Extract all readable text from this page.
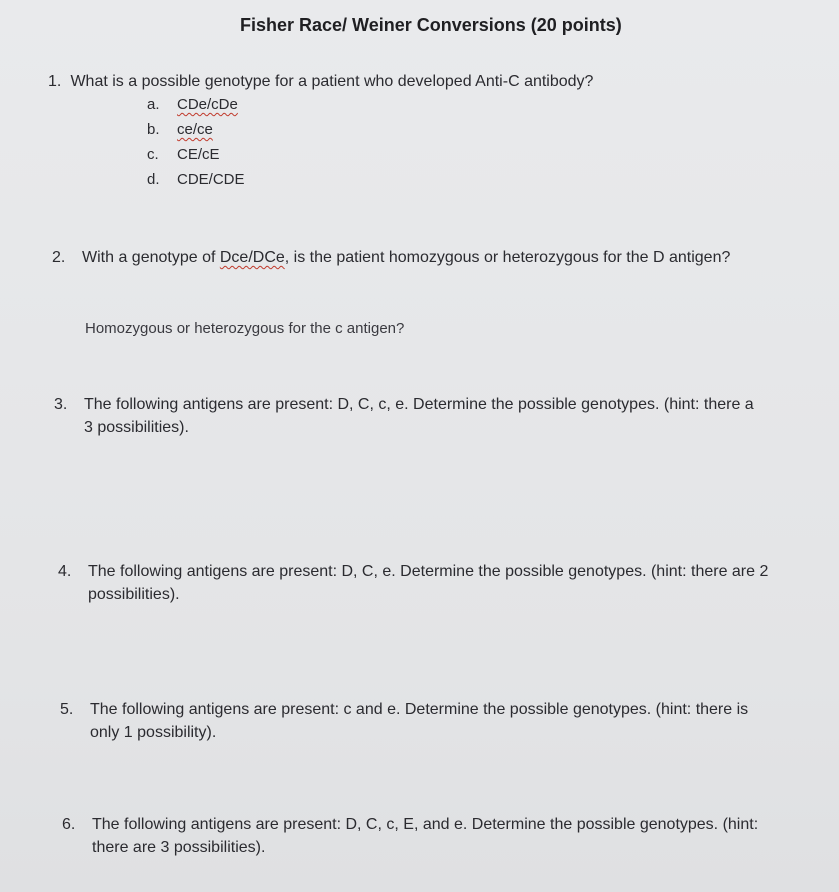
Fisher Race/ Weiner Conversions (20 points)
1. What is a possible genotype for a patient who developed Anti-C antibody?
a. CDe/cDe
b. ce/ce
c. CE/cE
d. CDE/CDE
2. With a genotype of Dce/DCe, is the patient homozygous or heterozygous for the D antigen?
Homozygous or heterozygous for the c antigen?
3. The following antigens are present: D, C, c, e. Determine the possible genotypes. (hint: there a
3 possibilities).
4. The following antigens are present: D, C, e. Determine the possible genotypes. (hint: there are 2
possibilities).
5. The following antigens are present: c and e. Determine the possible genotypes. (hint: there is
only 1 possibility).
6. The following antigens are present: D, C, c, E, and e. Determine the possible genotypes. (hint:
there are 3 possibilities).
